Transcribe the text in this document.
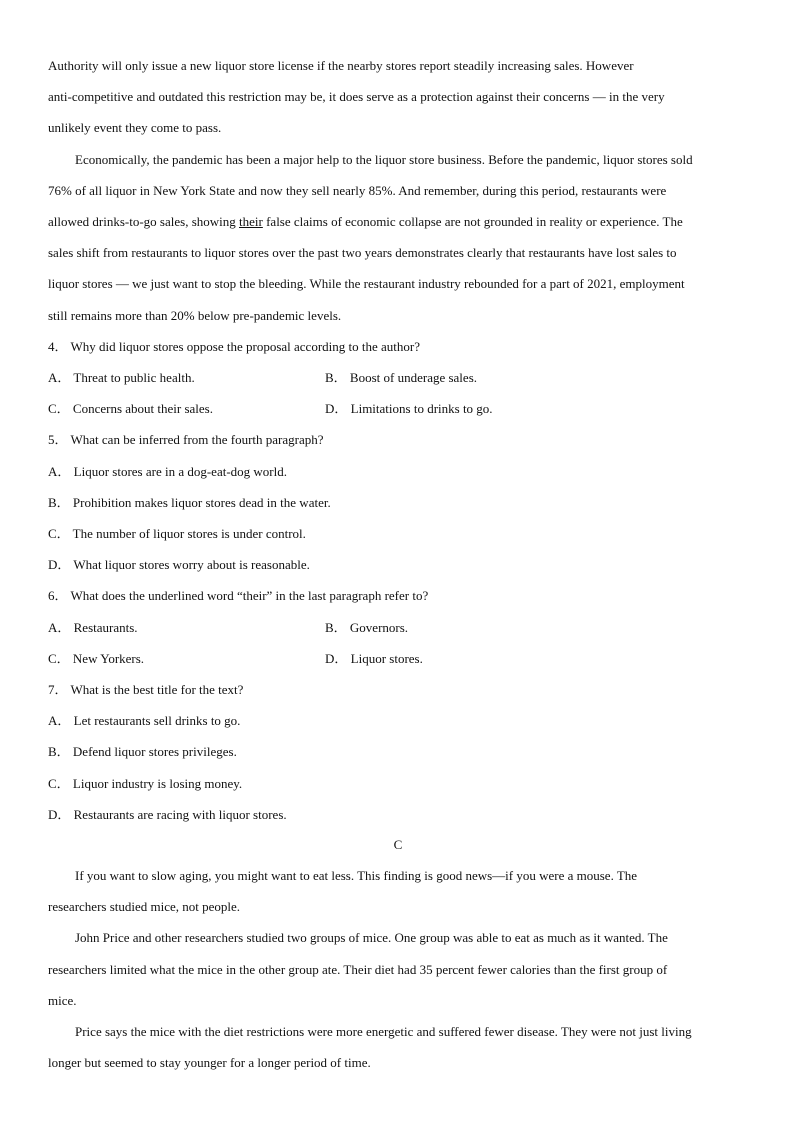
Authority will only issue a new liquor store license if the nearby stores report steadily increasing sales. However
anti-competitive and outdated this restriction may be, it does serve as a protection against their concerns — in the very
unlikely event they come to pass.
Economically, the pandemic has been a major help to the liquor store business. Before the pandemic, liquor stores sold
76% of all liquor in New York State and now they sell nearly 85%. And remember, during this period, restaurants were
allowed drinks-to-go sales, showing their false claims of economic collapse are not grounded in reality or experience. The
sales shift from restaurants to liquor stores over the past two years demonstrates clearly that restaurants have lost sales to
liquor stores — we just want to stop the bleeding. While the restaurant industry rebounded for a part of 2021, employment
still remains more than 20% below pre-pandemic levels.
4． Why did liquor stores oppose the proposal according to the author?
A． Threat to public health.	B． Boost of underage sales.
C． Concerns about their sales.	D． Limitations to drinks to go.
5． What can be inferred from the fourth paragraph?
A． Liquor stores are in a dog-eat-dog world.
B． Prohibition makes liquor stores dead in the water.
C． The number of liquor stores is under control.
D． What liquor stores worry about is reasonable.
6． What does the underlined word “their” in the last paragraph refer to?
A． Restaurants.	B． Governors.
C． New Yorkers.	D． Liquor stores.
7． What is the best title for the text?
A． Let restaurants sell drinks to go.
B． Defend liquor stores privileges.
C． Liquor industry is losing money.
D． Restaurants are racing with liquor stores.
C
If you want to slow aging, you might want to eat less. This finding is good news—if you were a mouse. The
researchers studied mice, not people.
John Price and other researchers studied two groups of mice. One group was able to eat as much as it wanted. The
researchers limited what the mice in the other group ate. Their diet had 35 percent fewer calories than the first group of
mice.
Price says the mice with the diet restrictions were more energetic and suffered fewer disease. They were not just living
longer but seemed to stay younger for a longer period of time.
